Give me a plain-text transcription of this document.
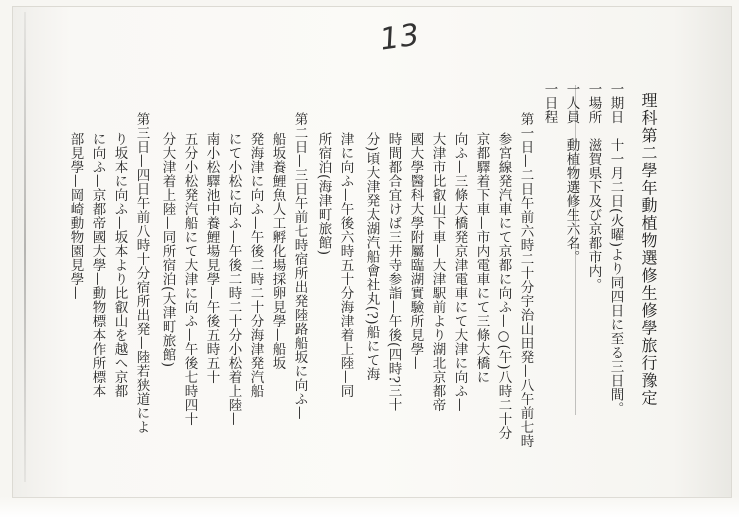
13
理科第二學年動植物選修生修學旅行豫定
一期日　十一月二日(火曜)より同四日に至る三日間。
一場所　滋賀県下及び京都市内。
一人員　動植物選修生六名。
一日程
第一日—二日午前六時二十分宇治山田発—八午前七時
参宮線発汽車にて京都に向ふ—○(午)八時二十分
京都驛着下車—市内電車にて三條大橋に
向ふ—三條大橋発京津電車にて大津に向ふ—
大津市比叡山下車—大津駅前より湖北京都帝
國大學醫科大學附屬臨湖實驗所見學—
時間都合宜けば三井寺参詣—午後(四時?三十
分)頃大津発太湖汽船會社丸(?)船にて海
津に向ふ—午後六時五十分海津着上陸—同
所宿泊(海津町旅館)
第二日—三日午前七時宿所出発陸路船坂に向ふ—
船坂養鯉魚人工孵化場採卵見學—船坂
発海津に向ふ—午後二時二十分海津発汽船
にて小松に向ふ—午後二時二十分小松着上陸—
南小松驛池中養鯉場見學—午後五時五十
五分小松発汽船にて大津に向ふ—午後七時四十
分大津着上陸—同所宿泊(大津町旅館)
第三日—四日午前八時十分宿所出発—陸若狭道によ
り坂本に向ふ—坂本より比叡山を越へ京都
に向ふ—京都帝國大學—動物標本作所標本
部見學—岡崎動物園見學—
